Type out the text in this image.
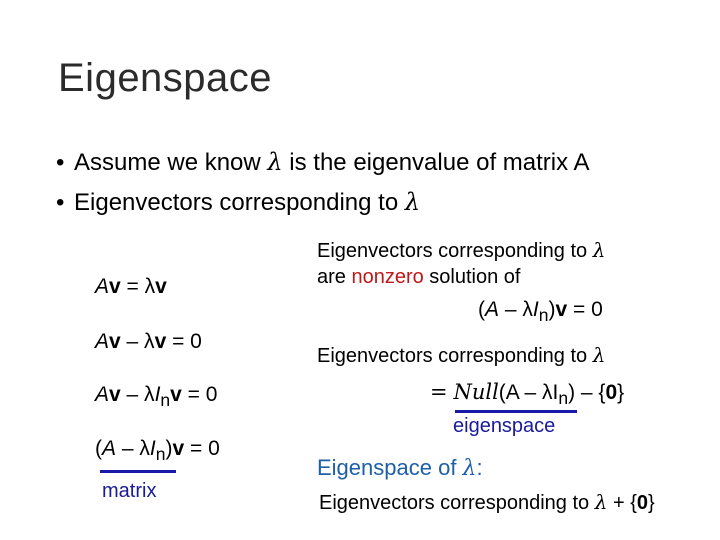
Eigenspace
• Assume we know λ is the eigenvalue of matrix A
• Eigenvectors corresponding to λ
Av = λv
Av – λv = 0
$Av - \lambda I_nv = 0$
$(A - \lambda I_n)v = 0$
matrix
Eigenvectors corresponding to λ
are nonzero solution of
$(A - \lambda I_n)v = 0$
Eigenvectors corresponding to λ
= Null(A – $\lambda I_n) - \{0\}$
eigenspace
Eigenspace of λ:
Eigenvectors corresponding to λ + {0}
